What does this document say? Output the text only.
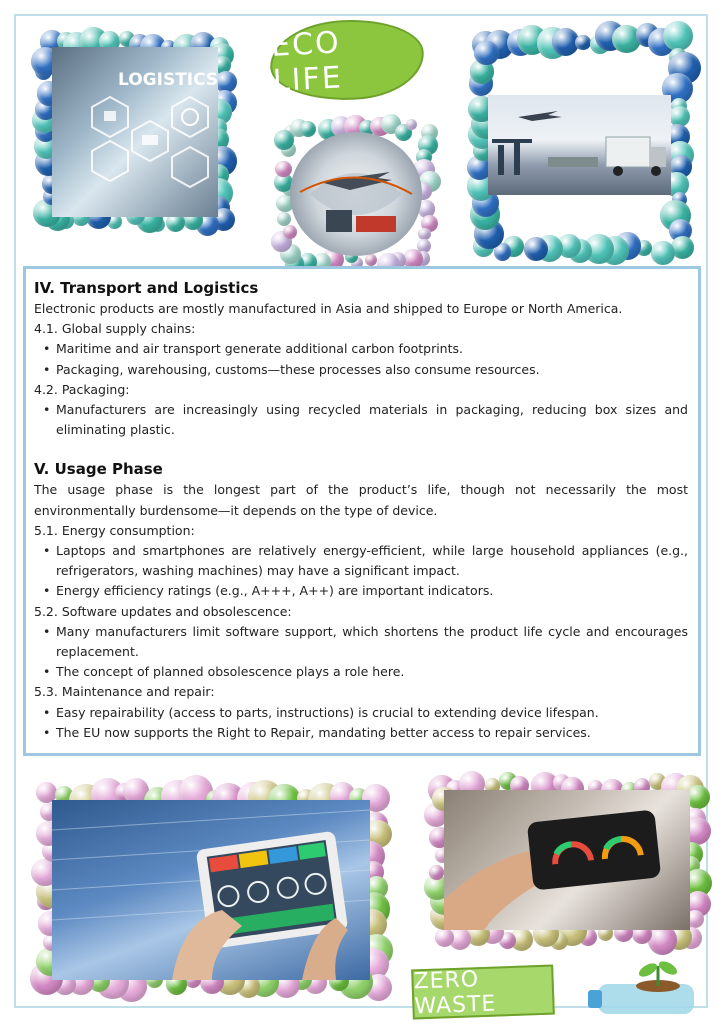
LOGISTICS
ECO LIFE
IV. Transport and Logistics

Electronic products are mostly manufactured in Asia and shipped to Europe or North America.

4.1. Global supply chains:

• Maritime and air transport generate additional carbon footprints.
• Packaging, warehousing, customs—these processes also consume resources.

4.2. Packaging:

• Manufacturers are increasingly using recycled materials in packaging, reducing box sizes and eliminating plastic.
V. Usage Phase

The usage phase is the longest part of the product’s life, though not necessarily the most environmentally burdensome—it depends on the type of device.

5.1. Energy consumption:

• Laptops and smartphones are relatively energy-efficient, while large household appliances (e.g., refrigerators, washing machines) may have a significant impact.
• Energy efficiency ratings (e.g., A+++, A++) are important indicators.

5.2. Software updates and obsolescence:

• Many manufacturers limit software support, which shortens the product life cycle and encourages replacement.
• The concept of planned obsolescence plays a role here.

5.3. Maintenance and repair:

• Easy repairability (access to parts, instructions) is crucial to extending device lifespan.
• The EU now supports the Right to Repair, mandating better access to repair services.
ZERO WASTE
